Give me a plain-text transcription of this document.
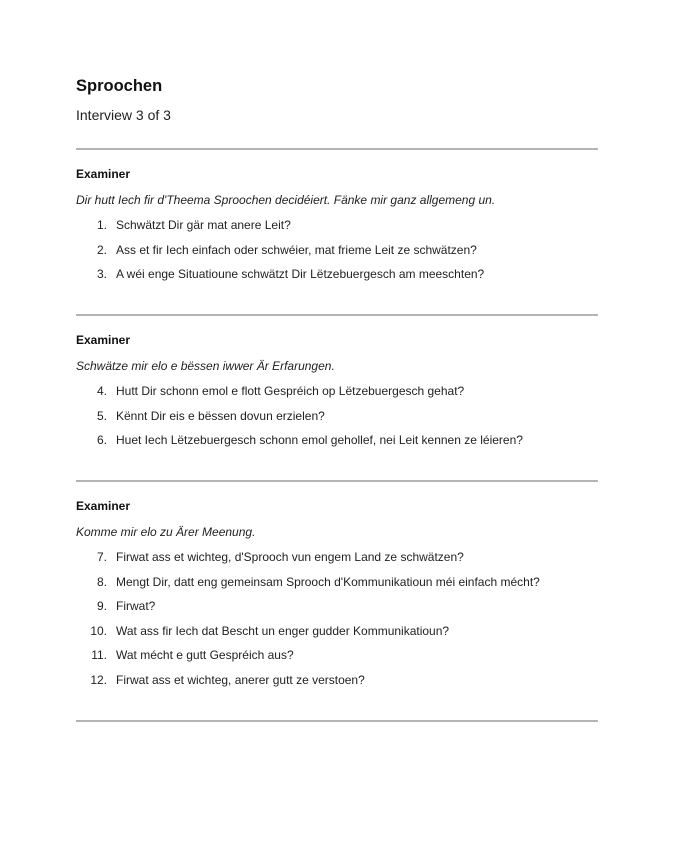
Sproochen

Interview 3 of 3

Examiner

Dir hutt Iech fir d'Theema Sproochen decidéiert. Fänke mir ganz allgemeng un.

1. Schwätzt Dir gär mat anere Leit?
2. Ass et fir Iech einfach oder schwéier, mat frieme Leit ze schwätzen?
3. A wéi enge Situatioune schwätzt Dir Lëtzebuergesch am meeschten?

Examiner

Schwätze mir elo e bëssen iwwer Är Erfarungen.

4. Hutt Dir schonn emol e flott Gespréich op Lëtzebuergesch gehat?
5. Kënnt Dir eis e bëssen dovun erzielen?
6. Huet Iech Lëtzebuergesch schonn emol gehollef, nei Leit kennen ze léieren?

Examiner

Komme mir elo zu Ärer Meenung.

7. Firwat ass et wichteg, d'Sprooch vun engem Land ze schwätzen?
8. Mengt Dir, datt eng gemeinsam Sprooch d'Kommunikatioun méi einfach mécht?
9. Firwat?
10. Wat ass fir Iech dat Bescht un enger gudder Kommunikatioun?
11. Wat mécht e gutt Gespréich aus?
12. Firwat ass et wichteg, anerer gutt ze verstoen?
